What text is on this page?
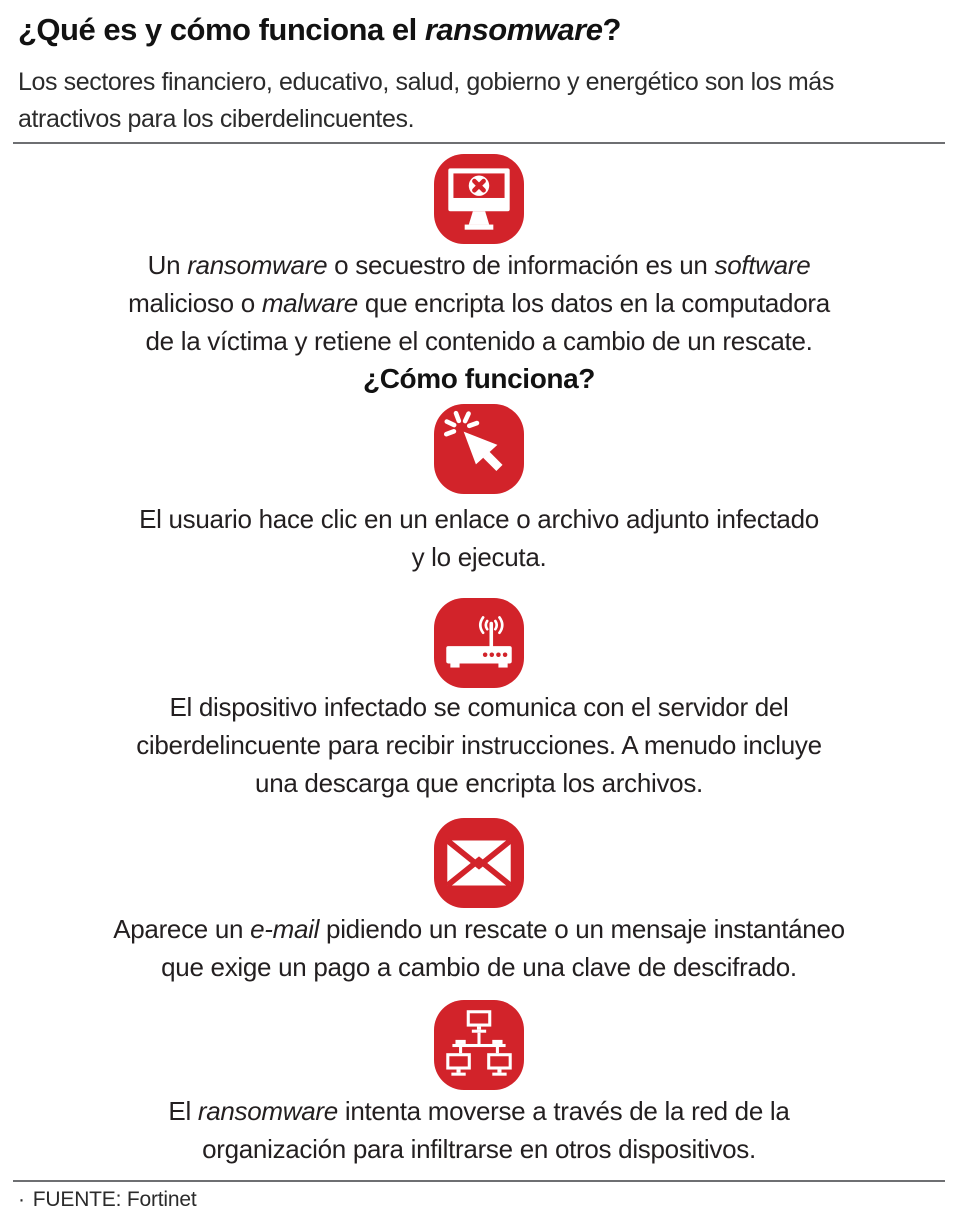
¿Qué es y cómo funciona el ransomware?
Los sectores financiero, educativo, salud, gobierno y energético son los más
atractivos para los ciberdelincuentes.
Un ransomware o secuestro de información es un software
malicioso o malware que encripta los datos en la computadora
de la víctima y retiene el contenido a cambio de un rescate.
¿Cómo funciona?
El usuario hace clic en un enlace o archivo adjunto infectado
y lo ejecuta.
El dispositivo infectado se comunica con el servidor del
ciberdelincuente para recibir instrucciones. A menudo incluye
una descarga que encripta los archivos.
Aparece un e-mail pidiendo un rescate o un mensaje instantáneo
que exige un pago a cambio de una clave de descifrado.
El ransomware intenta moverse a través de la red de la
organización para infiltrarse en otros dispositivos.
· FUENTE: Fortinet
